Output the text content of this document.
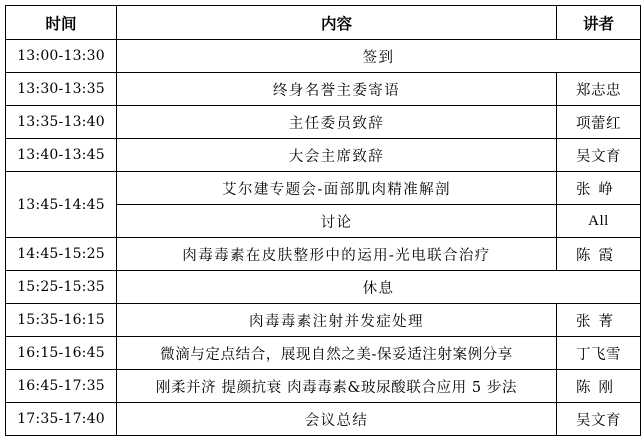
时间	内容	讲者
13:00-13:30	签到	
13:30-13:35	终身名誉主委寄语	郑志忠
13:35-13:40	主任委员致辞	项蕾红
13:40-13:45	大会主席致辞	吴文育
13:45-14:45	艾尔建专题会-面部肌肉精准解剖	张峥
	讨论	All
14:45-15:25	肉毒毒素在皮肤整形中的运用-光电联合治疗	陈霞
15:25-15:35	休息	
15:35-16:15	肉毒毒素注射并发症处理	张菁
16:15-16:45	微滴与定点结合，展现自然之美-保妥适注射案例分享	丁飞雪
16:45-17:35	刚柔并济 提颜抗衰 肉毒毒素&玻尿酸联合应用 5 步法	陈刚
17:35-17:40	会议总结	吴文育
